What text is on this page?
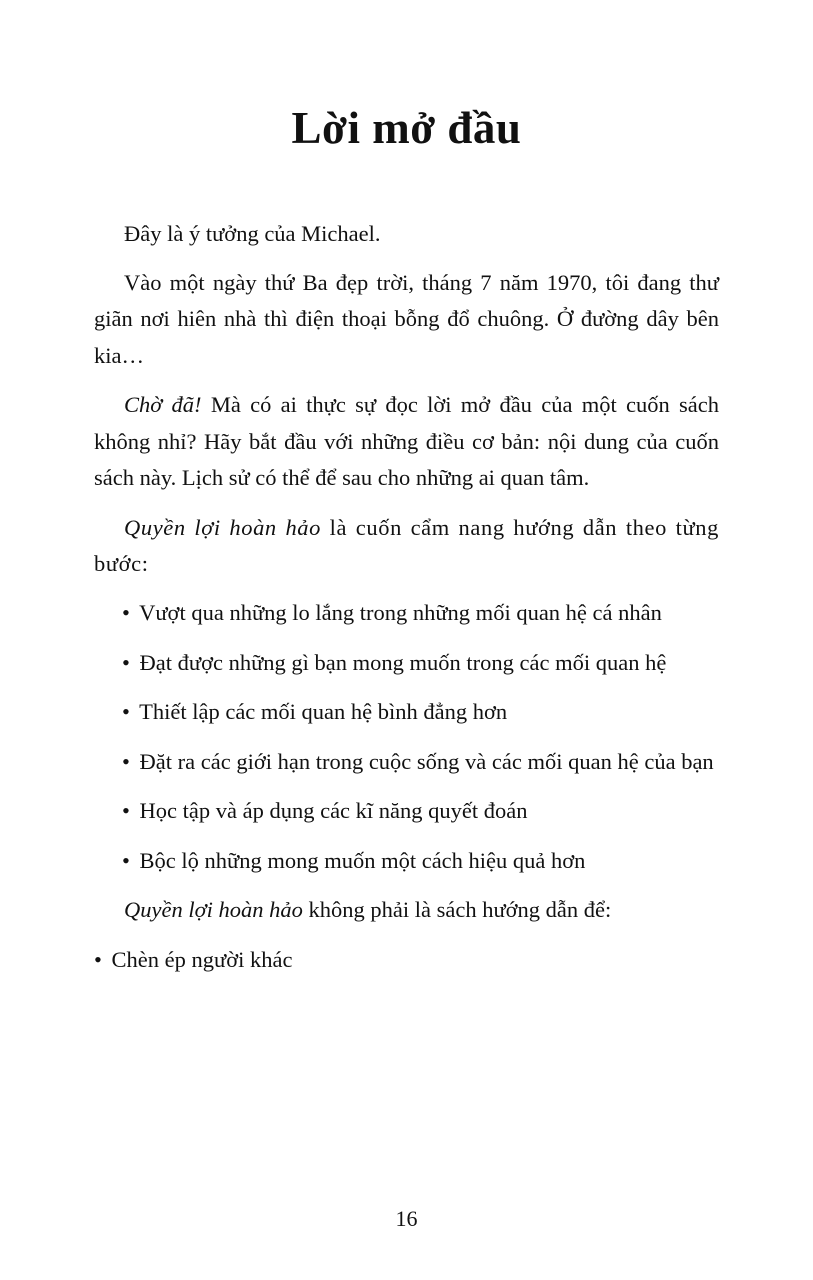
Lời mở đầu

Đây là ý tưởng của Michael.

Vào một ngày thứ Ba đẹp trời, tháng 7 năm 1970, tôi đang thư giãn nơi hiên nhà thì điện thoại bỗng đổ chuông. Ở đường dây bên kia…

Chờ đã! Mà có ai thực sự đọc lời mở đầu của một cuốn sách không nhỉ? Hãy bắt đầu với những điều cơ bản: nội dung của cuốn sách này. Lịch sử có thể để sau cho những ai quan tâm.

Quyền lợi hoàn hảo là cuốn cẩm nang hướng dẫn theo từng bước:

• Vượt qua những lo lắng trong những mối quan hệ cá nhân

• Đạt được những gì bạn mong muốn trong các mối quan hệ

• Thiết lập các mối quan hệ bình đẳng hơn

• Đặt ra các giới hạn trong cuộc sống và các mối quan hệ của bạn

• Học tập và áp dụng các kĩ năng quyết đoán

• Bộc lộ những mong muốn một cách hiệu quả hơn

Quyền lợi hoàn hảo không phải là sách hướng dẫn để:

• Chèn ép người khác

16
